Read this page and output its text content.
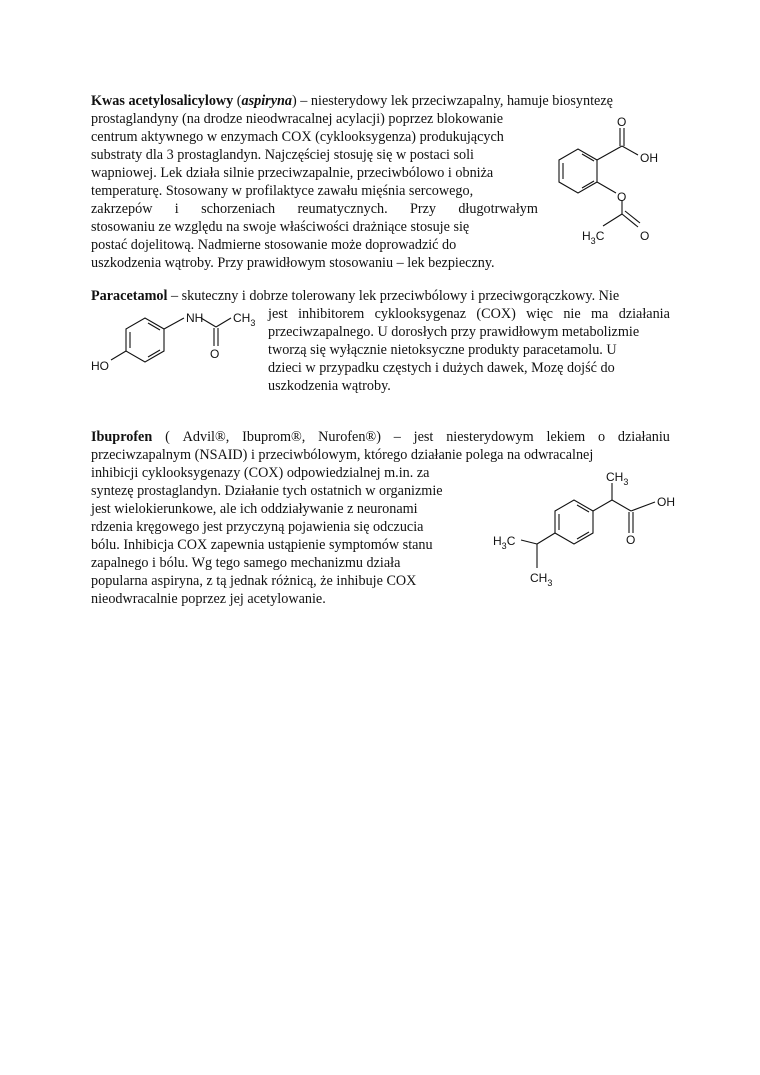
Kwas acetylosalicylowy (aspiryna) – niesterydowy lek przeciwzapalny, hamuje biosyntezę
prostaglandyny (na drodze nieodwracalnej acylacji) poprzez blokowanie
centrum aktywnego w enzymach COX (cyklooksygenza) produkujących
substraty dla 3 prostaglandyn. Najczęściej stosuję się w postaci soli
wapniowej. Lek działa silnie przeciwzapalnie, przeciwbólowo i obniża
temperaturę. Stosowany w profilaktyce zawału mięśnia sercowego,
zakrzepów i schorzeniach reumatycznych. Przy długotrwałym
stosowaniu ze względu na swoje właściwości drażniące stosuje się
postać dojelitową. Nadmierne stosowanie może doprowadzić do
uszkodzenia wątroby. Przy prawidłowym stosowaniu – lek bezpieczny.
O
OH
O
$H_3C$	O
Paracetamol – skuteczny i dobrze tolerowany lek przeciwbólowy i przeciwgorączkowy. Nie
jest inhibitorem cyklooksygenaz (COX) więc nie ma działania
przeciwzapalnego. U dorosłych przy prawidłowym metabolizmie
tworzą się wyłącznie nietoksyczne produkty paracetamolu. U
dzieci w przypadku częstych i dużych dawek, Mozę dojść do
uszkodzenia wątroby.
NH $CH_3$
O
HO
Ibuprofen ( Advil®, Ibuprom®, Nurofen®) – jest niesterydowym lekiem o działaniu
przeciwzapalnym (NSAID) i przeciwbólowym, którego działanie polega na odwracalnej
inhibicji cyklooksygenazy (COX) odpowiedzialnej m.in. za
syntezę prostaglandyn. Działanie tych ostatnich w organizmie
jest wielokierunkowe, ale ich oddziaływanie z neuronami
rdzenia kręgowego jest przyczyną pojawienia się odczucia
bólu. Inhibicja COX zapewnia ustąpienie symptomów stanu
zapalnego i bólu. Wg tego samego mechanizmu działa
popularna aspiryna, z tą jednak różnicą, że inhibuje COX
nieodwracalnie poprzez jej acetylowanie.
$CH_3$
OH
O
$H_3C$
$CH_3$
